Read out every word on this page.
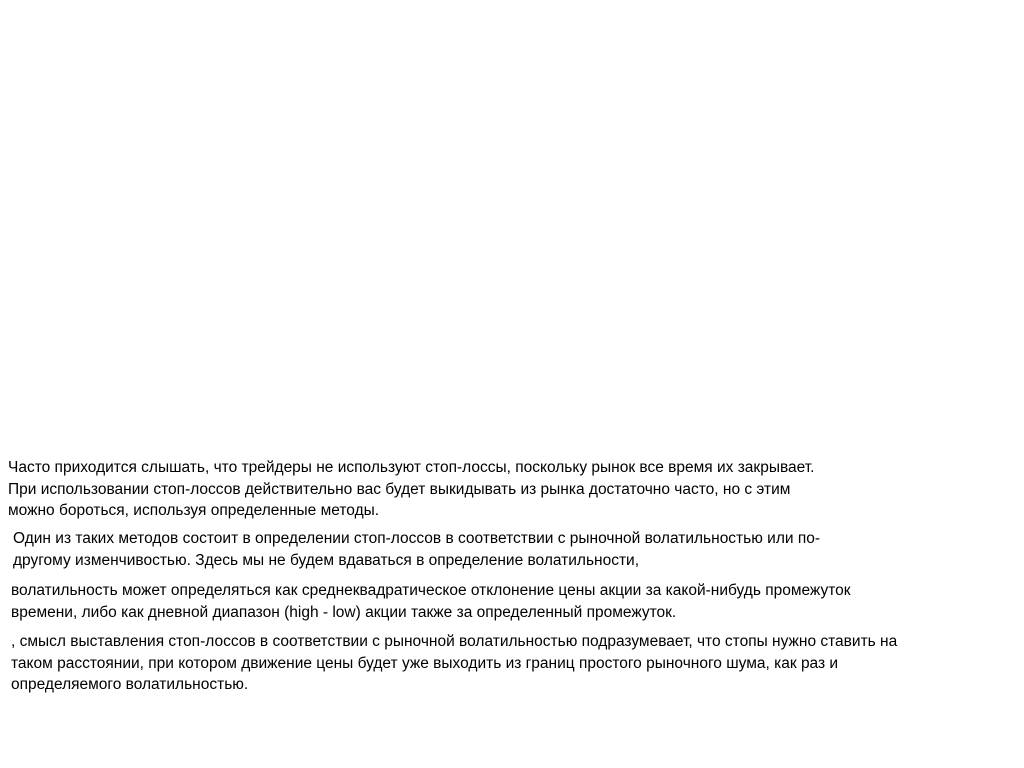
Часто приходится слышать, что трейдеры не используют стоп-лоссы, поскольку рынок все время их закрывает.
При использовании стоп-лоссов действительно вас будет выкидывать из рынка достаточно часто, но с этим
можно бороться, используя определенные методы.

Один из таких методов состоит в определении стоп-лоссов в соответствии с рыночной волатильностью или по-
другому изменчивостью. Здесь мы не будем вдаваться в определение волатильности,

волатильность может определяться как среднеквадратическое отклонение цены акции за какой-нибудь промежуток
времени, либо как дневной диапазон (high - low) акции также за определенный промежуток.

, смысл выставления стоп-лоссов в соответствии с рыночной волатильностью подразумевает, что стопы нужно ставить на
таком расстоянии, при котором движение цены будет уже выходить из границ простого рыночного шума, как раз и
определяемого волатильностью.
